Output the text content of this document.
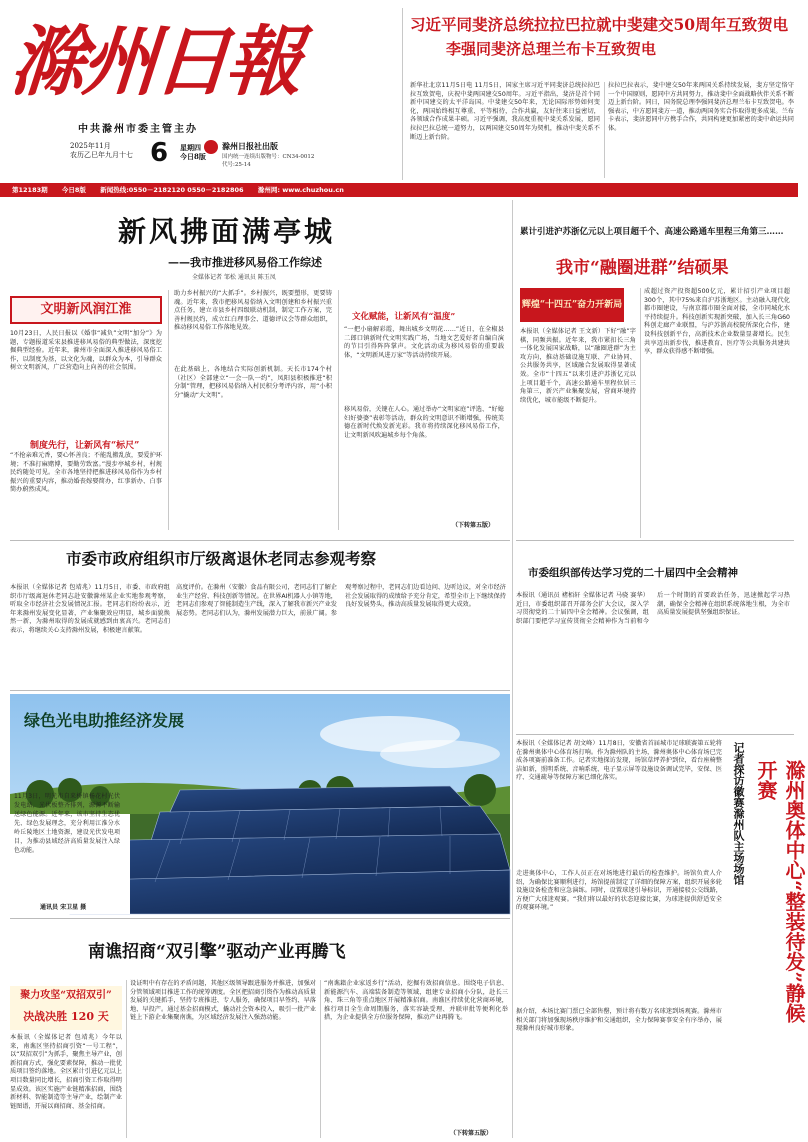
滁州日報
中共滁州市委主管主办
2025年11月
农历乙巳年九月十七 6 星期四
今日8版
滁州日报社出版
国内统一连续出版物号：CN34-0012
代号:25-14
习近平同斐济总统拉拉巴拉就中斐建交50周年互致贺电
李强同斐济总理兰布卡互致贺电
新华社北京11月5日电 11月5日，国家主席习近平同斐济总统拉拉巴拉互致贺电，庆祝中斐两国建交50周年。习近平指出，斐济是首个同新中国建交的太平洋岛国。中斐建交50年来，无论国际形势如何变化，两国始终相互尊重、平等相待，合作共赢，友好往来日益密切，各领域合作成果丰硕。习近平强调，我高度重视中斐关系发展，愿同拉拉巴拉总统一道努力，以两国建交50周年为契机，推动中斐关系不断迈上新台阶。
拉拉巴拉表示，斐中建交50年来两国关系持续发展，斐方坚定恪守一个中国原则，愿同中方共同努力，推动斐中全面战略伙伴关系不断迈上新台阶。同日，国务院总理李强同斐济总理兰布卡互致贺电。李强表示，中方愿同斐方一道，推动两国务实合作取得更多成果。兰布卡表示，斐济愿同中方携手合作，共同构建更加紧密的斐中命运共同体。
第12183期 今日8版 新闻热线:0550－2182120 0550－2182806 滁州网: www.chuzhou.cn
新风拂面满亭城
——我市推进移风易俗工作综述
全媒体记者 邹松 通讯员 陈玉凤
文明新风润江淮
10月23日，人民日报以《婚事“减负”文明“加分”》为题，专题报道采宋县推进移风易俗的典型做法，深度挖掘典型经验。近年来，滁州市全面深入推进移风易俗工作，以制度为基，以文化为魂，以群众为本，引导群众树立文明新风，广泛营造向上向善的社会氛围。
制度先行，让新风有“标尺”
“不抢亲难元香，要心怀善良；不能乱搬乱放，要爱护环境；不准打麻赌博，要勤劳致富。”漫步亭城乡村，村规民约随处可见。全市各地坚持把推进移风易俗作为乡村振兴的重要内容，推动婚丧嫁娶简办，红事新办、白事简办蔚然成风。
助力乡村振兴的“大抓手”。乡村振兴，既要塑形，更要铸魂。近年来，我市把移风易俗纳入文明创建和乡村振兴重点任务，建立市县乡村四级联动机制，制定工作方案，完善村规民约，成立红白理事会、道德评议会等群众组织，推动移风易俗工作落地见效。
在此基础上，各地结合实际创新机制。天长市174个村（社区）全部建立“一会一队一约”，凤阳县积极推进“积分制”管理，把移风易俗纳入村民积分考评内容，用“小积分”撬动“大文明”。
文化赋能，让新风有“温度”
“一把小扇解彩霞，舞出城乡文明花……”近日，在全椒县二郎口镇新时代文明实践广场，当地文艺爱好者自编自演的节目引得阵阵掌声。文化活动成为移风易俗的重要载体，“文明新风进万家”等活动持续开展。
移风易俗，关键在人心。通过举办“文明家庭”评选、“好媳妇好婆婆”表彰等活动，群众的文明意识不断增强，传统美德在新时代焕发新光彩。我市将持续深化移风易俗工作，让文明新风吹遍城乡每个角落。
（下转第五版）
累计引进沪苏浙亿元以上项目超千个、高速公路通车里程三角第三……
我市“融圈进群”结硕果
辉煌“十四五”奋力开新局
本报讯（全媒体记者 王文新）下好“融”字棋，同频共振。近年来，我市紧扣长三角一体化发展国家战略，以“融圈进群”为主攻方向，推动基础设施互联、产业协同、公共服务共享，区域融合发展取得显著成效。全市“十四五”以来引进沪苏浙亿元以上项目超千个，高速公路通车里程位居三角第三，新兴产业集聚发展，营商环境持续优化，城市能级不断提升。
成超过资产投资超500亿元，累计招引产业项目超300个，其中75%来自沪苏浙地区。主动融入现代化都市圈建设，与南京都市圈全面对接，全市同城化水平持续提升。科技创新实现新突破，加入长三角G60科创走廊产业联盟，与沪苏浙高校院所深化合作，建设科技创新平台，高新技术企业数量显著增长。民生共享迈出新步伐，推进教育、医疗等公共服务共建共享，群众获得感不断增强。
市委市政府组织市厅级离退休老同志参观考察
本报讯（全媒体记者 包靖兆）11月5日，市委、市政府组织市厅级离退休老同志赴安徽滁州某企业实地参观考察，听取全市经济社会发展情况汇报。老同志们纷纷表示，近年来滁州发展变化显著，产业集聚效应明显，城乡面貌焕然一新，为滁州取得的发展成就感到由衷高兴。老同志们表示，将继续关心支持滁州发展，积极建言献策。
高度评价。在滁州（安徽）食品有限公司，老同志们了解企业生产经营、科技创新等情况。在世界AI机器人小镇等地，老同志们参观了智能制造生产线，深入了解我市新兴产业发展态势。老同志们认为，滁州发展潜力巨大，前景广阔。参观考察过程中，老同志们边看边问、边听边议，对全市经济社会发展取得的成绩给予充分肯定，希望全市上下继续保持良好发展势头，推动高质量发展取得更大成效。
市委组织部传达学习党的二十届四中全会精神
本报讯（通讯员 褚栢轩 全媒体记者 马骁 赛华）近日，市委组织部召开部务会扩大会议，深入学习贯彻党的二十届四中全会精神。会议强调，组织部门要把学习宣传贯彻全会精神作为当前和今后一个时期的首要政治任务，迅速掀起学习热潮，确保全会精神在组织系统落地生根，为全市高质量发展提供坚强组织保证。
绿色光电助推经济发展
11月3日，明光市自来桥镇杨花村光伏发电站，光伏板整齐排列，源源不断输送绿色能源。近年来，该市坚持生态优先、绿色发展理念，充分利用江淮分水岭丘陵地区土地资源，建设光伏发电项目，为推动县域经济高质量发展注入绿色动能。
通讯员 宋卫星 摄
南谯招商“双引擎”驱动产业再腾飞
聚力攻坚“双招双引”
决战决胜 120 天
本报讯（全媒体记者 包靖兆）今年以来，南谯区坚持招商引资“一号工程”，以“双招双引”为抓手，聚焦主导产业，创新招商方式，强化要素保障，推动一批优质项目签约落地。全区累计引进亿元以上项目数量同比增长，招商引资工作取得明显成效。该区实施产业链精准招商，围绕新材料、智能制造等主导产业，绘制产业链图谱，开展以商招商、基金招商。
设证明中有存在的矛盾问题，其他区级领导跟进服务并推进，加强对分管领域项目推进工作的统筹调度。全区把招商引资作为推动高质量发展的关键抓手，坚持专班推进、专人服务，确保项目早签约、早落地、早投产。通过基金招商模式，撬动社会资本投入，吸引一批产业链上下游企业集聚南谯，为区域经济发展注入强劲动能。
“南谯籍企业家返乡行”活动，挖掘有效招商信息。围绕电子信息、新能源汽车、高端装备制造等领域，组建专业招商小分队，赴长三角、珠三角等重点地区开展精准招商。南谯区持续优化营商环境，推行项目全生命周期服务，落实容缺受理、并联审批等便利化举措，为企业提供全方位服务保障，推动产业再腾飞。
（下转第五版）
本报讯（全媒体记者 胡文峰）11月8日，安徽省首届城市足球联赛第五轮将在滁州奥体中心体育场打响。作为滁州队的主场，滁州奥体中心体育场已完成各项赛前准备工作。记者实地探访发现，场馆草坪养护到位，看台座椅整洁如新，照明系统、音响系统、电子显示屏等设施设备调试完毕，安保、医疗、交通疏导等保障方案已细化落实。	记者探访徽赛滁州队主场场馆	滁州奥体中心“整装待发”静候开赛
走进奥体中心，工作人员正在对场地进行最后的检查维护。场馆负责人介绍，为确保比赛顺利进行，场馆提前制定了详细的保障方案，组织开展多轮设施设备检查和应急演练。同时，设置球迷引导标识，开通接驳公交线路，方便广大球迷观赛。“我们将以最好的状态迎接比赛，为球迷提供舒适安全的观赛环境。”
据介绍，本场比赛门票已全部售罄，预计将有数万名球迷到场观赛。滁州市相关部门将加强现场秩序维护和交通组织，全力保障赛事安全有序举办，展现滁州良好城市形象。
